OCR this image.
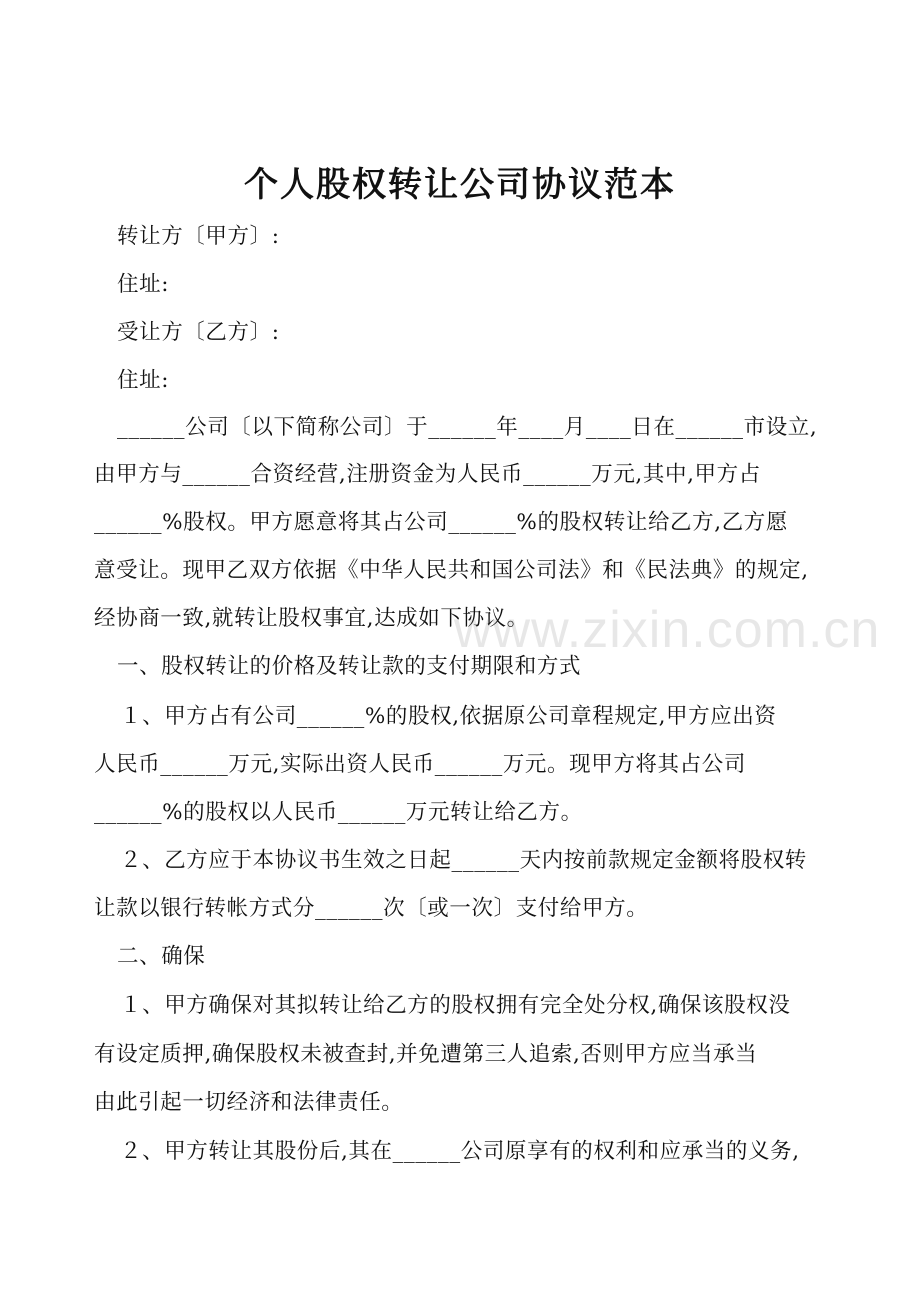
个人股权转让公司协议范本
转让方〔甲方〕:
住址:
受让方〔乙方〕:
住址:
______公司〔以下简称公司〕于______年____月____日在______市设立,
由甲方与______合资经营,注册资金为人民币______万元,其中,甲方占
______%股权。甲方愿意将其占公司______%的股权转让给乙方,乙方愿
意受让。现甲乙双方依据《中华人民共和国公司法》和《民法典》的规定,
经协商一致,就转让股权事宜,达成如下协议。
一、股权转让的价格及转让款的支付期限和方式
１、甲方占有公司______%的股权,依据原公司章程规定,甲方应出资
人民币______万元,实际出资人民币______万元。现甲方将其占公司
______%的股权以人民币______万元转让给乙方。
２、乙方应于本协议书生效之日起______天内按前款规定金额将股权转
让款以银行转帐方式分______次〔或一次〕支付给甲方。
二、确保
１、甲方确保对其拟转让给乙方的股权拥有完全处分权,确保该股权没
有设定质押,确保股权未被查封,并免遭第三人追索,否则甲方应当承当
由此引起一切经济和法律责任。
２、甲方转让其股份后,其在______公司原享有的权利和应承当的义务,
www.zixin.com.cn
